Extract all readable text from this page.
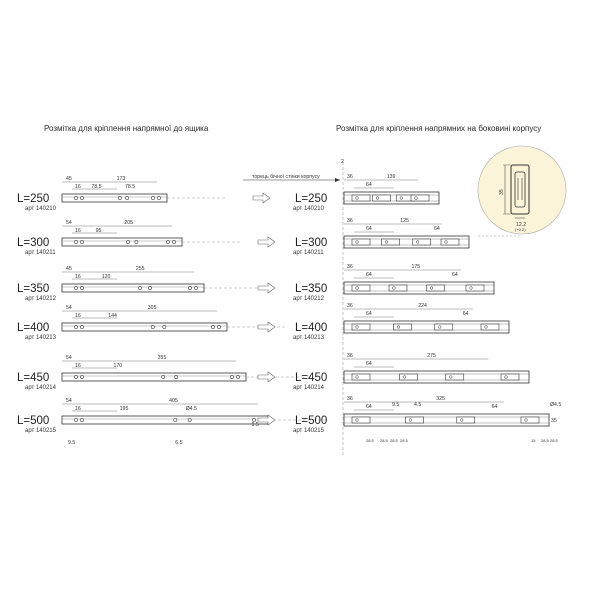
Розмітка для кріплення напрямної до ящика	Розмітка для кріплення напрямних на боковині корпусу
L=250
арт 140210
45
16
173
78.5	78.5
L=250
арт 140210
36	139
64
L=300
арт 140211
54
16
205
95
L=300
арт 140211
36	125
64	64
L=350
арт 140212
45
16
255
120
L=350
арт 140212
36	175
64	64
L=400
арт 140213
54
16
305
144
L=400
арт 140213
36	224
64	64
L=450
арт 140214
54
16
355
170
L=450
арт 140214
36	275
64
L=500
арт 140215
54
16
405
195	Ø4.5
9.5
9.5	6.5
L=500
арт 140215
36	325
64	64
9.5	4.5	Ø4.5
35
28.5 28.5 28.5 28.5	15 28.5 28.5
2
торець бічної стінки корпусу
35
12.2
(+0.2)
